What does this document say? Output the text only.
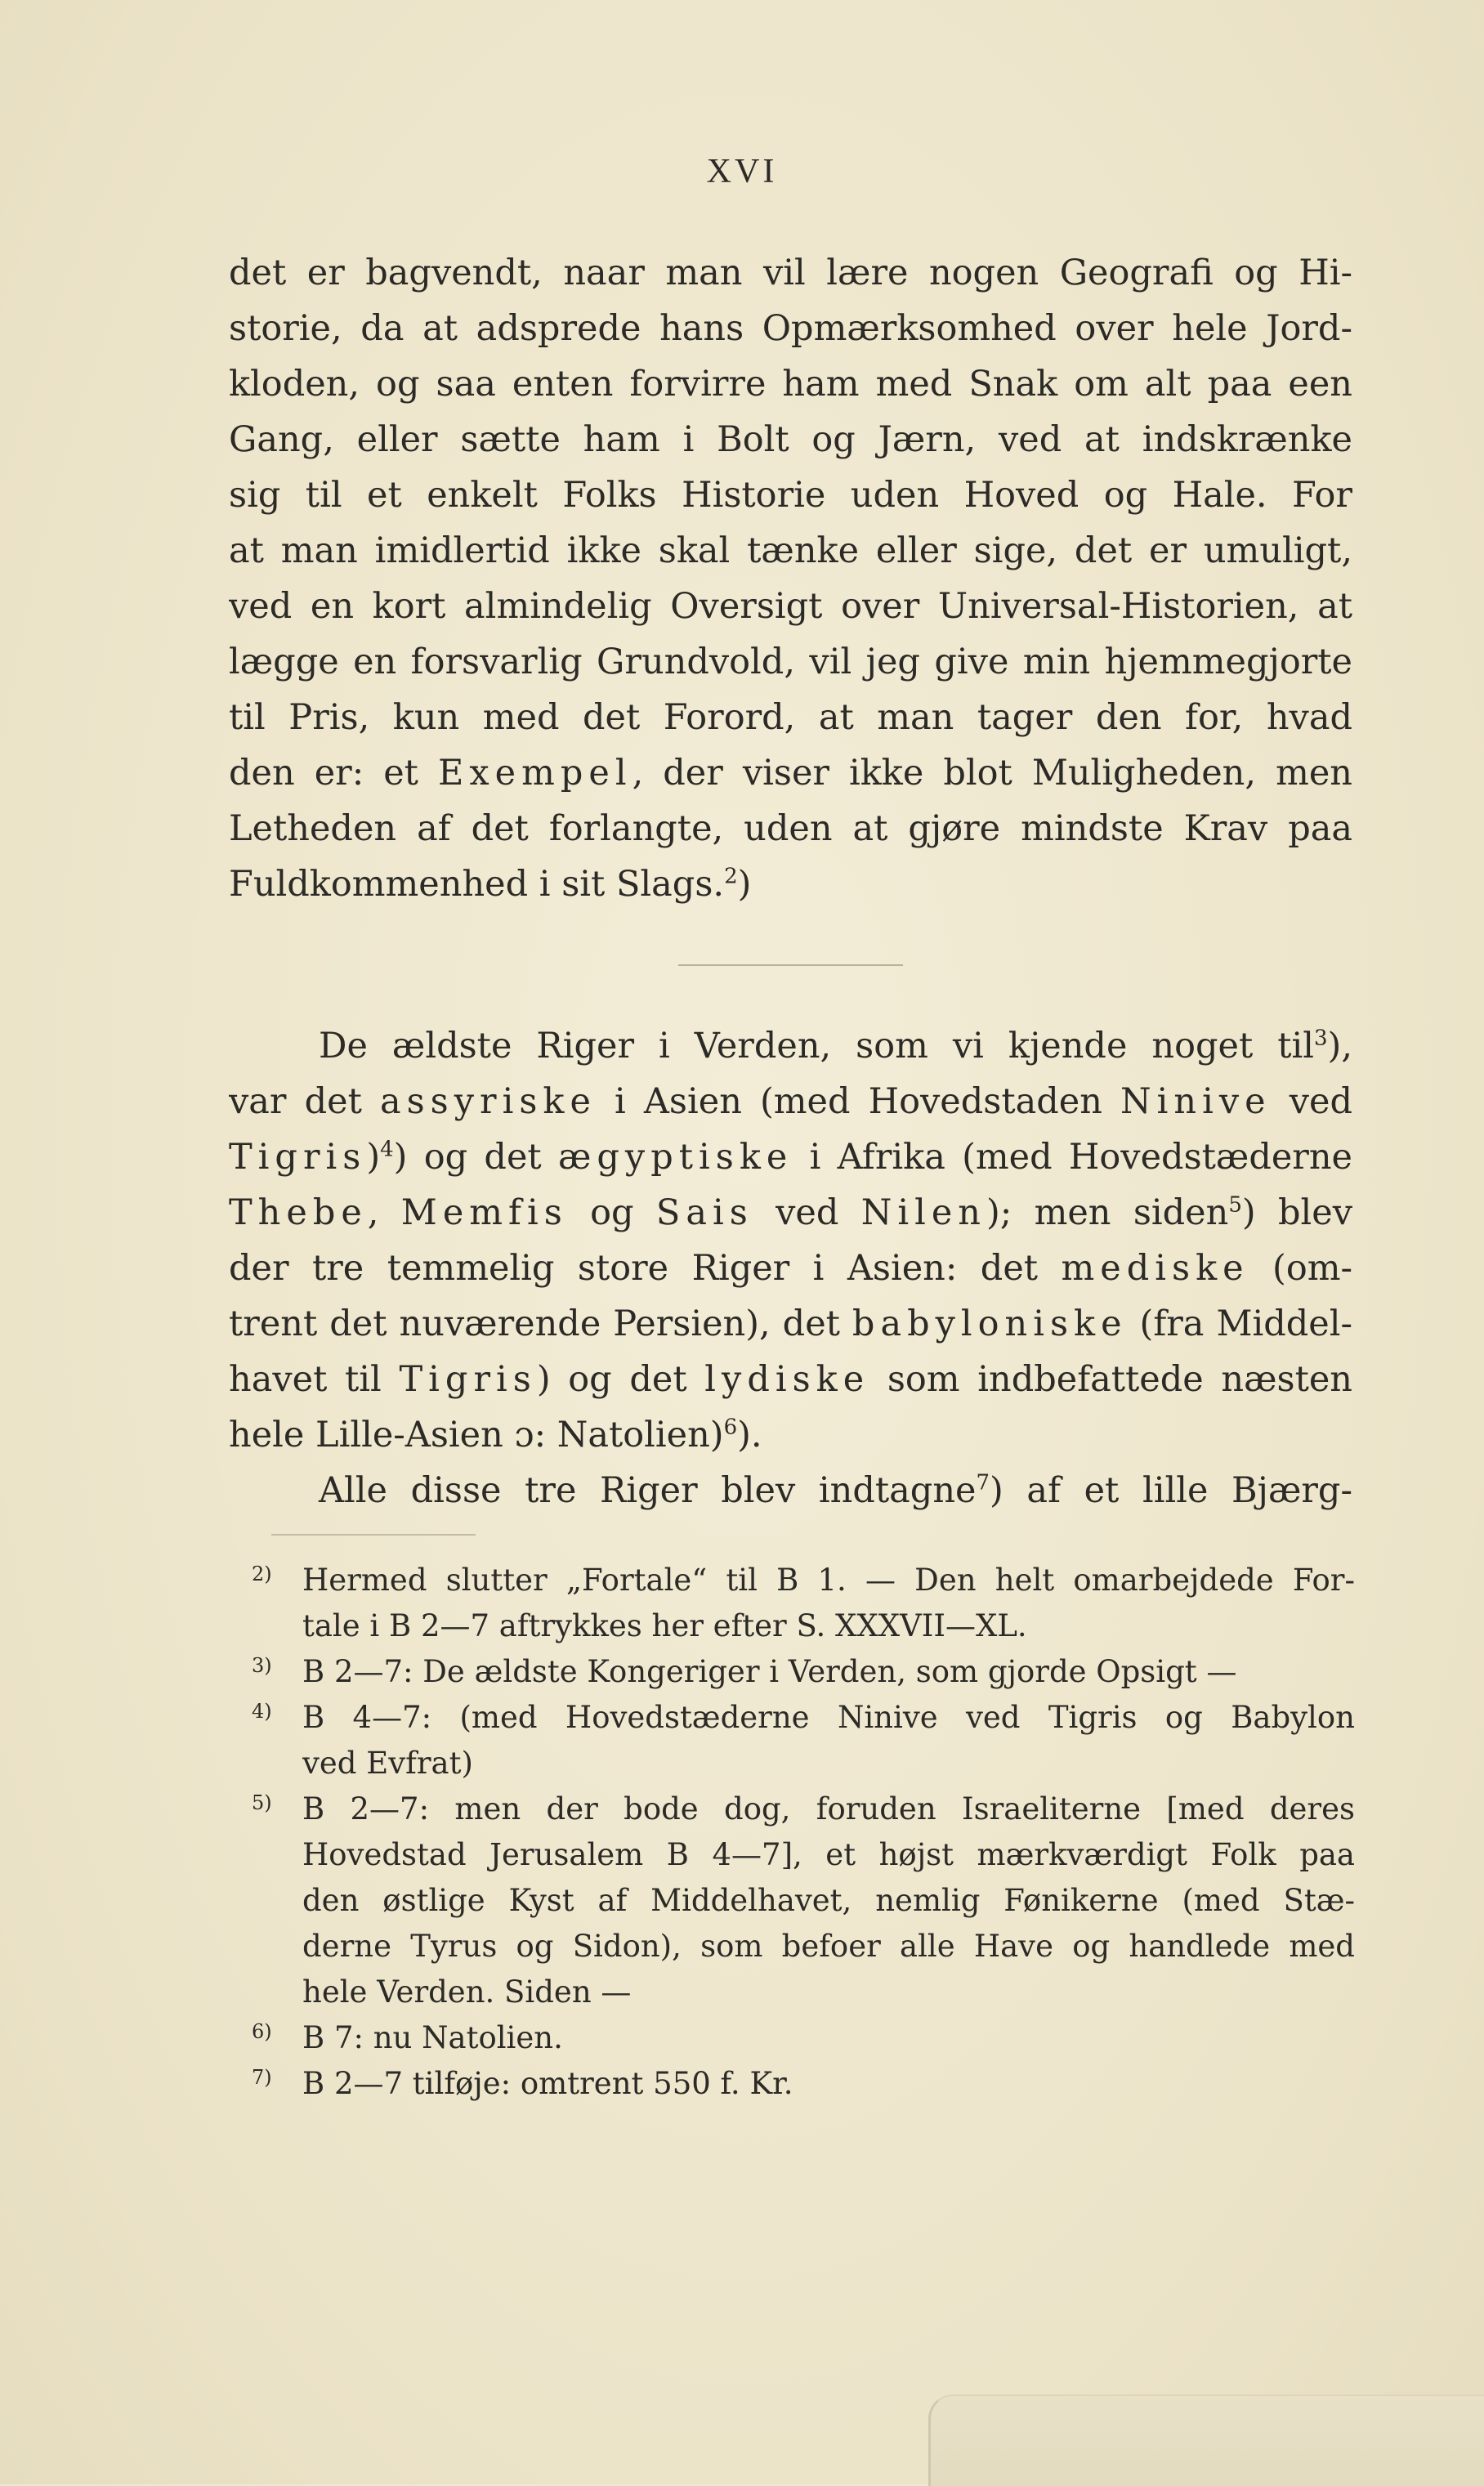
XVI
det er bagvendt, naar man vil lære nogen Geografi og Hi-
storie, da at adsprede hans Opmærksomhed over hele Jord-
kloden, og saa enten forvirre ham med Snak om alt paa een
Gang, eller sætte ham i Bolt og Jærn, ved at indskrænke
sig til et enkelt Folks Historie uden Hoved og Hale. For
at man imidlertid ikke skal tænke eller sige, det er umuligt,
ved en kort almindelig Oversigt over Universal-Historien, at
lægge en forsvarlig Grundvold, vil jeg give min hjemmegjorte
til Pris, kun med det Forord, at man tager den for, hvad
den er: et Exempel, der viser ikke blot Muligheden, men
Letheden af det forlangte, uden at gjøre mindste Krav paa
Fuldkommenhed i sit Slags.$^2$)
De ældste Riger i Verden, som vi kjende noget til$^3$),
var det assyriske i Asien (med Hovedstaden Ninive ved
Tigris)$^4$) og det ægyptiske i Afrika (med Hovedstæderne
Thebe, Memfis og Sais ved Nilen); men siden$^5$) blev
der tre temmelig store Riger i Asien: det mediske (om-
trent det nuværende Persien), det babyloniske (fra Middel-
havet til Tigris) og det lydiske som indbefattede næsten
hele Lille-Asien ɔ: Natolien)$^6$).
Alle disse tre Riger blev indtagne$^7$) af et lille Bjærg-
2) Hermed slutter „Fortale“ til B 1. — Den helt omarbejdede For-
tale i B 2—7 aftrykkes her efter S. XXXVII—XL.
3) B 2—7: De ældste Kongeriger i Verden, som gjorde Opsigt —
4) B 4—7: (med Hovedstæderne Ninive ved Tigris og Babylon
ved Evfrat)
5) B 2—7: men der bode dog, foruden Israeliterne [med deres
Hovedstad Jerusalem B 4—7], et højst mærkværdigt Folk paa
den østlige Kyst af Middelhavet, nemlig Fønikerne (med Stæ-
derne Tyrus og Sidon), som befoer alle Have og handlede med
hele Verden. Siden —
6) B 7: nu Natolien.
7) B 2—7 tilføje: omtrent 550 f. Kr.
